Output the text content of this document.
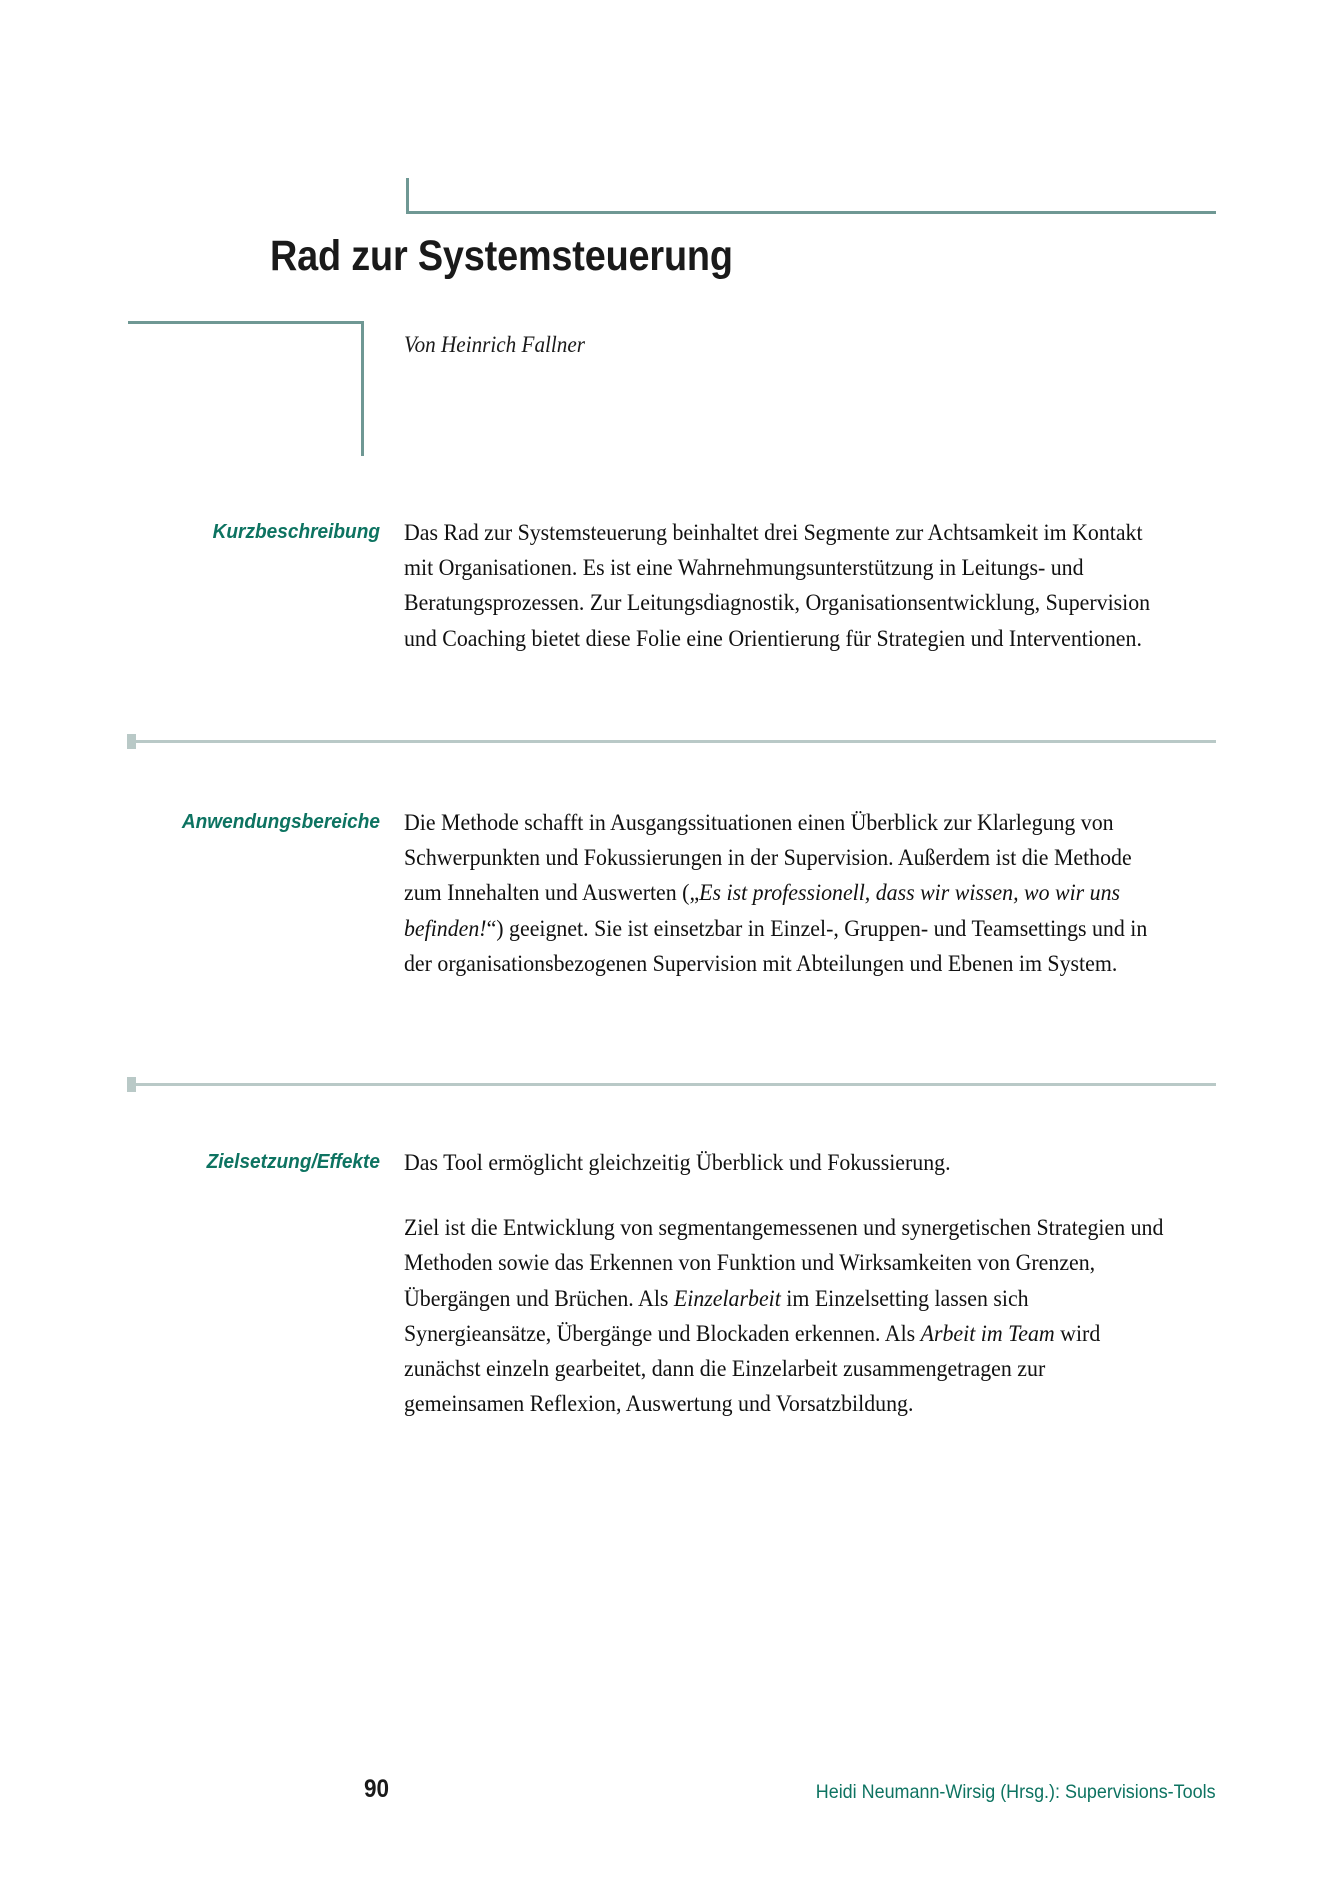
Rad zur Systemsteuerung
Von Heinrich Fallner
Kurzbeschreibung Das Rad zur Systemsteuerung beinhaltet drei Segmente zur Achtsamkeit im Kontakt mit Organisationen. Es ist eine Wahrnehmungsunterstützung in Leitungs- und Beratungsprozessen. Zur Leitungsdiagnostik, Organisationsentwicklung, Supervision und Coaching bietet diese Folie eine Orientierung für Strategien und Interventionen.

Anwendungsbereiche Die Methode schafft in Ausgangssituationen einen Überblick zur Klarlegung von Schwerpunkten und Fokussierungen in der Supervision. Außerdem ist die Methode zum Innehalten und Auswerten („Es ist professionell, dass wir wissen, wo wir uns befinden!“) geeignet. Sie ist einsetzbar in Einzel-, Gruppen- und Teamsettings und in der organisationsbezogenen Supervision mit Abteilungen und Ebenen im System.

Zielsetzung/Effekte Das Tool ermöglicht gleichzeitig Überblick und Fokussierung.

Ziel ist die Entwicklung von segmentangemessenen und synergetischen Strategien und Methoden sowie das Erkennen von Funktion und Wirksamkeiten von Grenzen, Übergängen und Brüchen. Als Einzelarbeit im Einzelsetting lassen sich Synergieansätze, Übergänge und Blockaden erkennen. Als Arbeit im Team wird zunächst einzeln gearbeitet, dann die Einzelarbeit zusammengetragen zur gemeinsamen Reflexion, Auswertung und Vorsatzbildung.

90	Heidi Neumann-Wirsig (Hrsg.): Supervisions-Tools
